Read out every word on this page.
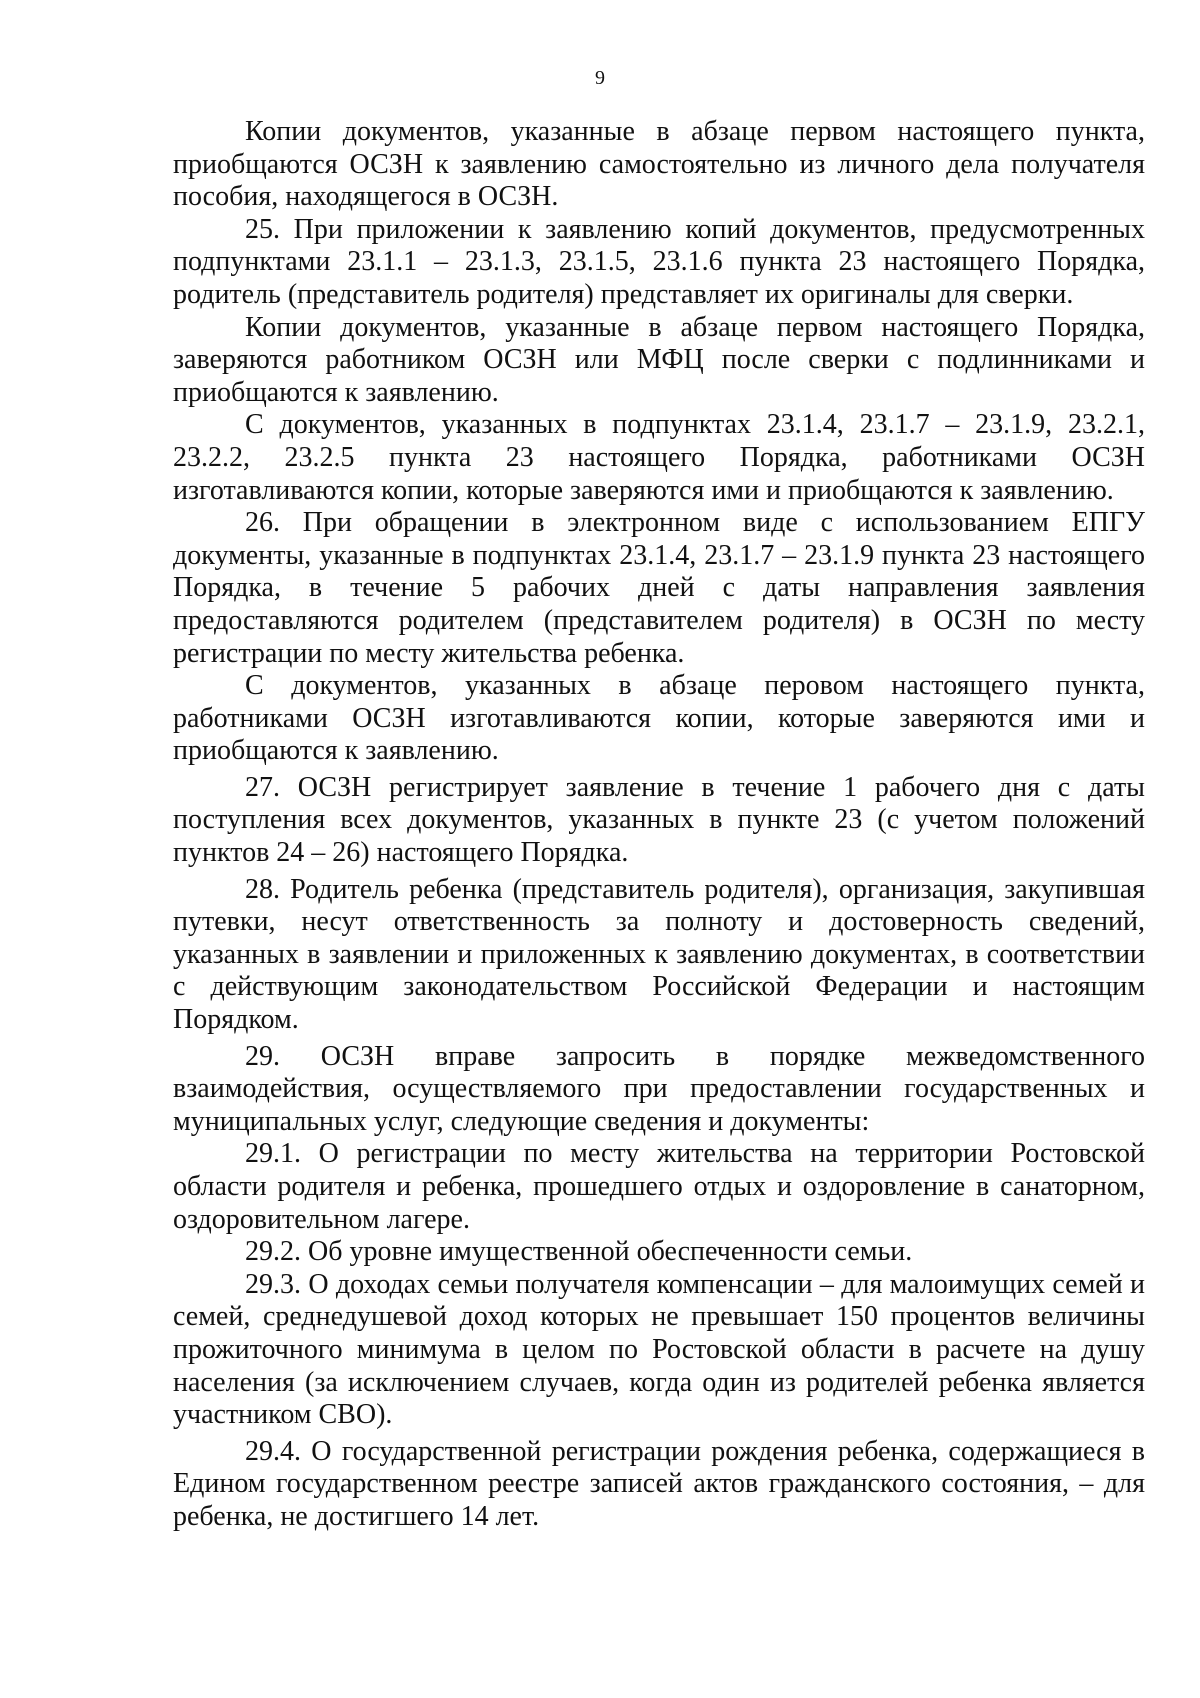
9

Копии документов, указанные в абзаце первом настоящего пункта, приобщаются ОСЗН к заявлению самостоятельно из личного дела получателя пособия, находящегося в ОСЗН.

25. При приложении к заявлению копий документов, предусмотренных подпунктами 23.1.1 – 23.1.3, 23.1.5, 23.1.6 пункта 23 настоящего Порядка, родитель (представитель родителя) представляет их оригиналы для сверки.

Копии документов, указанные в абзаце первом настоящего Порядка, заверяются работником ОСЗН или МФЦ после сверки с подлинниками и приобщаются к заявлению.

С документов, указанных в подпунктах 23.1.4, 23.1.7 – 23.1.9, 23.2.1, 23.2.2, 23.2.5 пункта 23 настоящего Порядка, работниками ОСЗН изготавливаются копии, которые заверяются ими и приобщаются к заявлению.

26. При обращении в электронном виде с использованием ЕПГУ документы, указанные в подпунктах 23.1.4, 23.1.7 – 23.1.9 пункта 23 настоящего Порядка, в течение 5 рабочих дней с даты направления заявления предоставляются родителем (представителем родителя) в ОСЗН по месту регистрации по месту жительства ребенка.

С документов, указанных в абзаце перовом настоящего пункта, работниками ОСЗН изготавливаются копии, которые заверяются ими и приобщаются к заявлению.

27. ОСЗН регистрирует заявление в течение 1 рабочего дня с даты поступления всех документов, указанных в пункте 23 (с учетом положений пунктов 24 – 26) настоящего Порядка.

28. Родитель ребенка (представитель родителя), организация, закупившая путевки, несут ответственность за полноту и достоверность сведений, указанных в заявлении и приложенных к заявлению документах, в соответствии с действующим законодательством Российской Федерации и настоящим Порядком.

29. ОСЗН вправе запросить в порядке межведомственного взаимодействия, осуществляемого при предоставлении государственных и муниципальных услуг, следующие сведения и документы:

29.1. О регистрации по месту жительства на территории Ростовской области родителя и ребенка, прошедшего отдых и оздоровление в санаторном, оздоровительном лагере.

29.2. Об уровне имущественной обеспеченности семьи.

29.3. О доходах семьи получателя компенсации – для малоимущих семей и семей, среднедушевой доход которых не превышает 150 процентов величины прожиточного минимума в целом по Ростовской области в расчете на душу населения (за исключением случаев, когда один из родителей ребенка является участником СВО).

29.4. О государственной регистрации рождения ребенка, содержащиеся в Едином государственном реестре записей актов гражданского состояния, – для ребенка, не достигшего 14 лет.
